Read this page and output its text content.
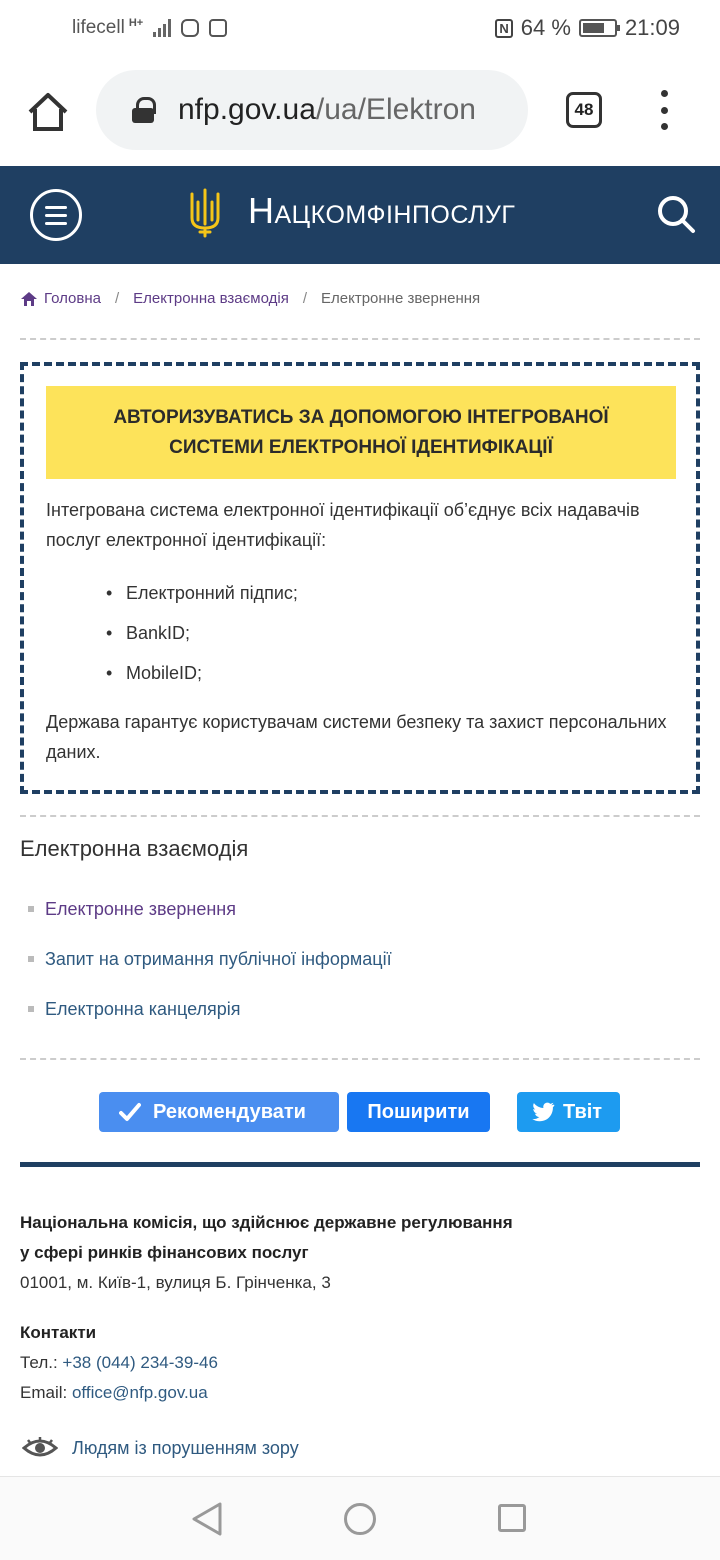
lifecell H+	N 64 % 21:09
nfp.gov.ua/ua/Elektron	48
Нацкомфінпослуг
Головна / Електронна взаємодія / Електронне звернення
АВТОРИЗУВАТИСЬ ЗА ДОПОМОГОЮ ІНТЕГРОВАНОЇ СИСТЕМИ ЕЛЕКТРОННОЇ ІДЕНТИФІКАЦІЇ

Інтегрована система електронної ідентифікації об’єднує всіх надавачів послуг електронної ідентифікації:

• Електронний підпис;
• BankID;
• MobileID;

Держава гарантує користувачам системи безпеку та захист персональних даних.

Електронна взаємодія
Електронне звернення
Запит на отримання публічної інформації
Електронна канцелярія
Рекомендувати	Поширити	Твіт
Національна комісія, що здійснює державне регулювання
у сфері ринків фінансових послуг
01001, м. Київ-1, вулиця Б. Грінченка, 3
Контакти
Тел.: +38 (044) 234-39-46
Email: office@nfp.gov.ua
Людям із порушенням зору
